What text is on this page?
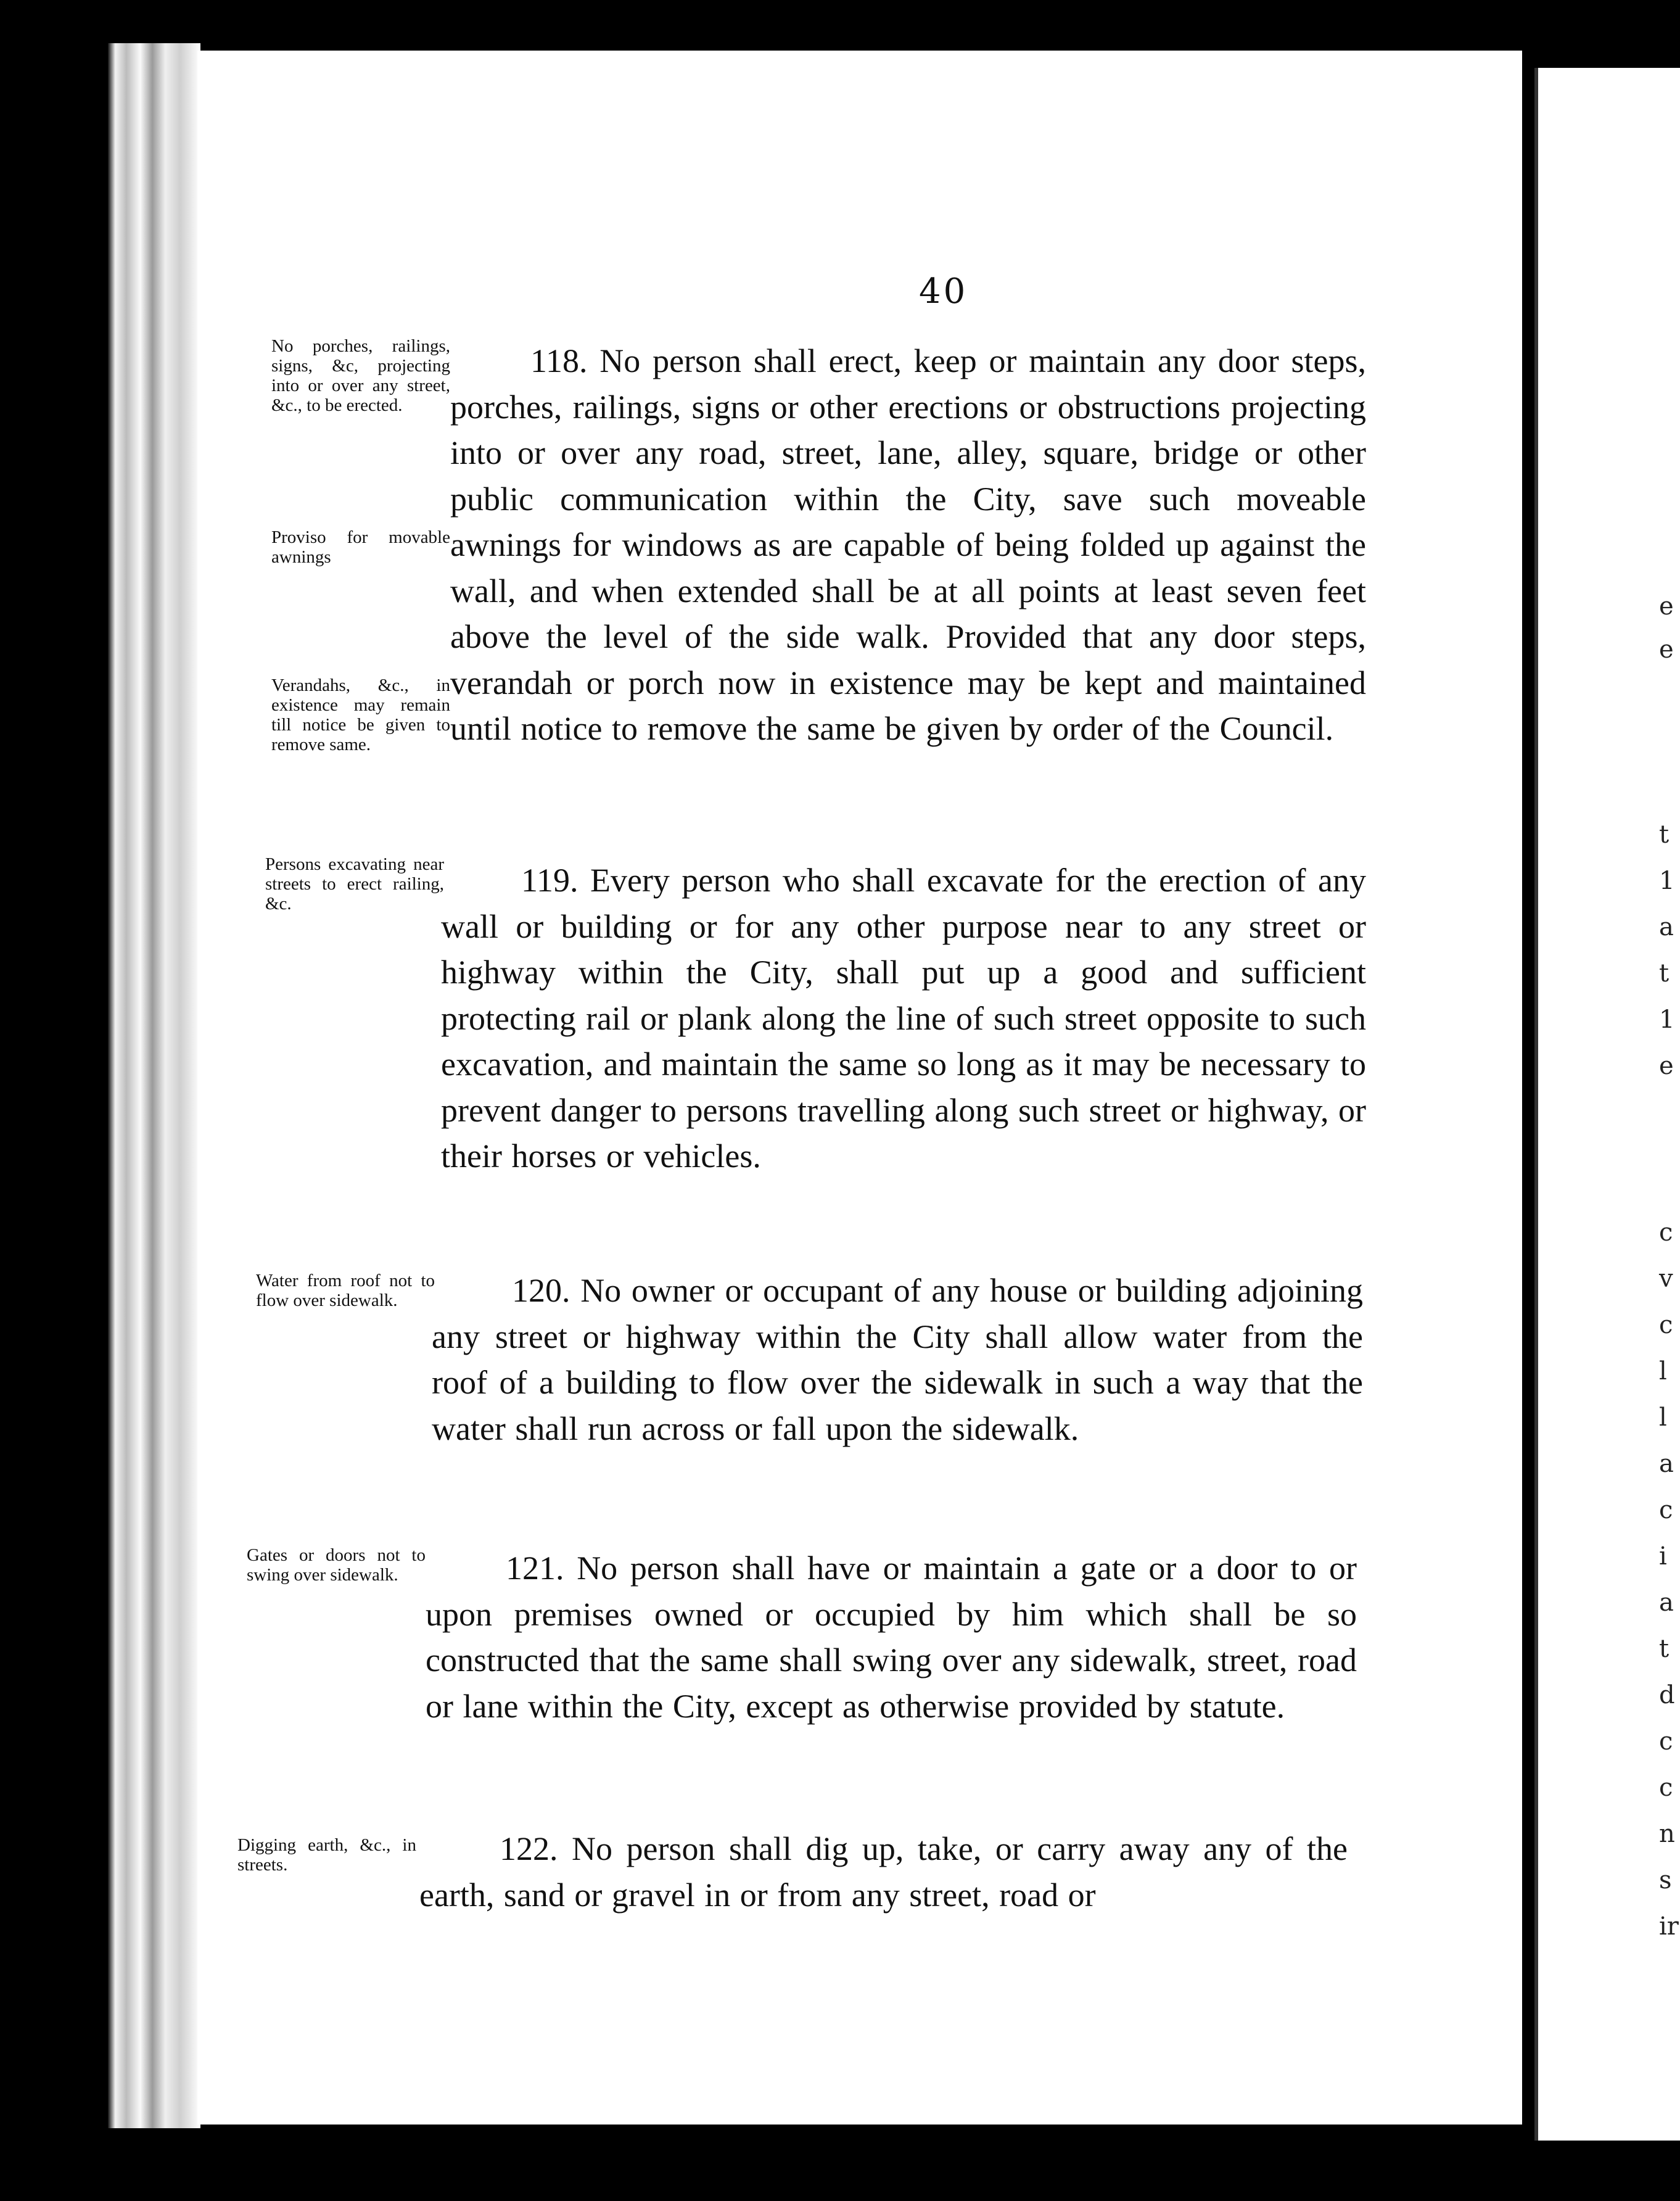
e
e
t
1
a
t
1
e
c
v
c
l
l
a
c
i
a
t
d
c
c
n
s
ir
40
No porches, railings, signs, &c, projecting into or over any street, &c., to be erected.
Proviso for movable awnings
Verandahs, &c., in existence may remain till notice be given to remove same.
118. No person shall erect, keep or maintain any door steps, porches, railings, signs or other erections or obstructions projecting into or over any road, street, lane, alley, square, bridge or other public communication within the City, save such moveable awnings for windows as are capable of being folded up against the wall, and when extended shall be at all points at least seven feet above the level of the side walk. Provided that any door steps, verandah or porch now in existence may be kept and maintained until notice to remove the same be given by order of the Council.
Persons excavating near streets to erect railing, &c.
119. Every person who shall excavate for the erection of any wall or building or for any other purpose near to any street or highway within the City, shall put up a good and sufficient protecting rail or plank along the line of such street opposite to such excavation, and maintain the same so long as it may be necessary to prevent danger to persons travelling along such street or highway, or their horses or vehicles.
Water from roof not to flow over sidewalk.	120. No owner or occupant of any house or building adjoining any street or highway within the City shall allow water from the roof of a building to flow over the sidewalk in such a way that the water shall run across or fall upon the sidewalk.
Gates or doors not to swing over sidewalk.	121. No person shall have or maintain a gate or a door to or upon premises owned or occupied by him which shall be so constructed that the same shall swing over any sidewalk, street, road or lane within the City, except as otherwise provided by statute.
Digging earth, &c., in streets.	122. No person shall dig up, take, or carry away any of the earth, sand or gravel in or from any street, road or
